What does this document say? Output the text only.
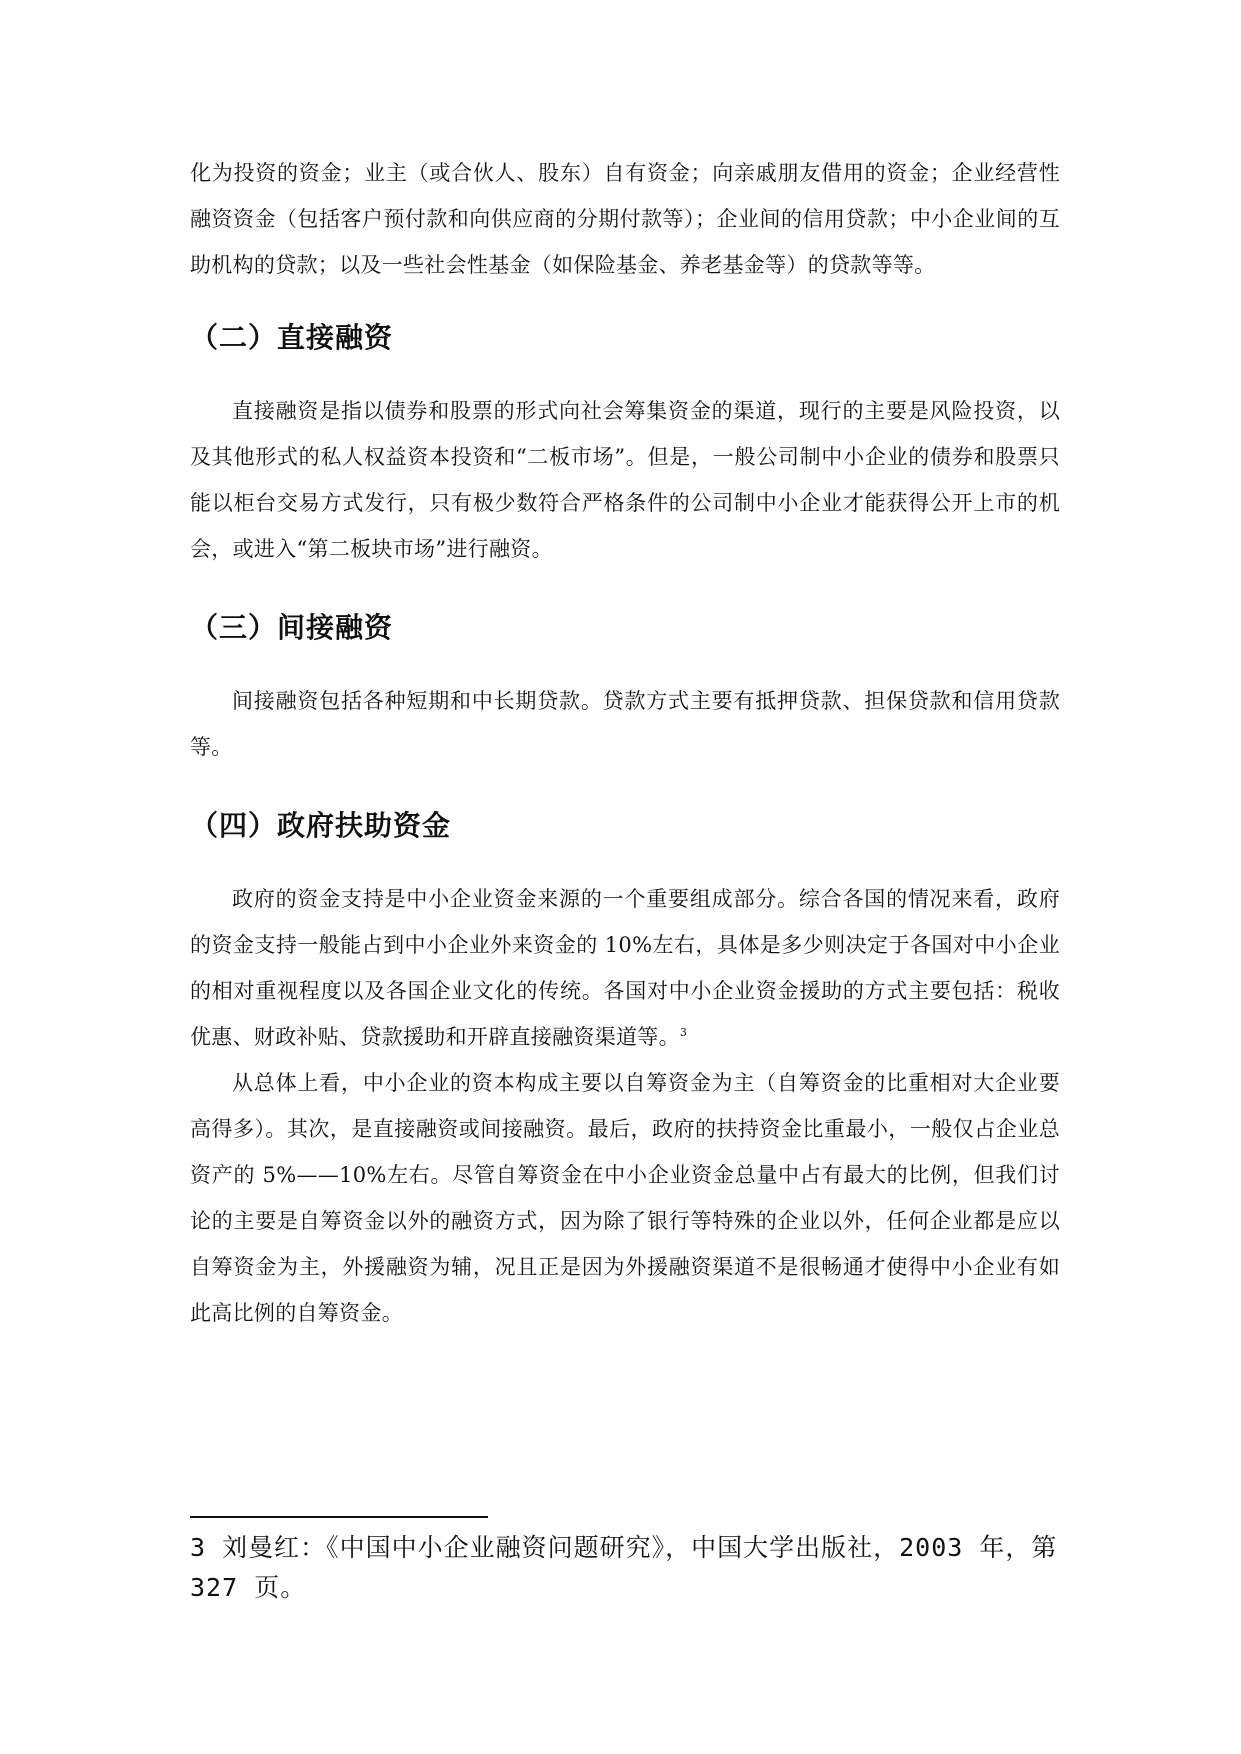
化为投资的资金；业主（或合伙人、股东）自有资金；向亲戚朋友借用的资金；企业经营性融资资金（包括客户预付款和向供应商的分期付款等）；企业间的信用贷款；中小企业间的互助机构的贷款；以及一些社会性基金（如保险基金、养老基金等）的贷款等等。

（二）直接融资

直接融资是指以债券和股票的形式向社会筹集资金的渠道，现行的主要是风险投资，以及其他形式的私人权益资本投资和“二板市场”。但是，一般公司制中小企业的债券和股票只能以柜台交易方式发行，只有极少数符合严格条件的公司制中小企业才能获得公开上市的机会，或进入“第二板块市场”进行融资。

（三）间接融资

间接融资包括各种短期和中长期贷款。贷款方式主要有抵押贷款、担保贷款和信用贷款等。

（四）政府扶助资金

政府的资金支持是中小企业资金来源的一个重要组成部分。综合各国的情况来看，政府的资金支持一般能占到中小企业外来资金的 10%左右，具体是多少则决定于各国对中小企业的相对重视程度以及各国企业文化的传统。各国对中小企业资金援助的方式主要包括：税收优惠、财政补贴、贷款援助和开辟直接融资渠道等。$^3$

从总体上看，中小企业的资本构成主要以自筹资金为主（自筹资金的比重相对大企业要高得多）。其次，是直接融资或间接融资。最后，政府的扶持资金比重最小，一般仅占企业总资产的 5%——10%左右。尽管自筹资金在中小企业资金总量中占有最大的比例，但我们讨论的主要是自筹资金以外的融资方式，因为除了银行等特殊的企业以外，任何企业都是应以自筹资金为主，外援融资为辅，况且正是因为外援融资渠道不是很畅通才使得中小企业有如此高比例的自筹资金。

3 刘曼红：《中国中小企业融资问题研究》，中国大学出版社，2003 年，第 327 页。
